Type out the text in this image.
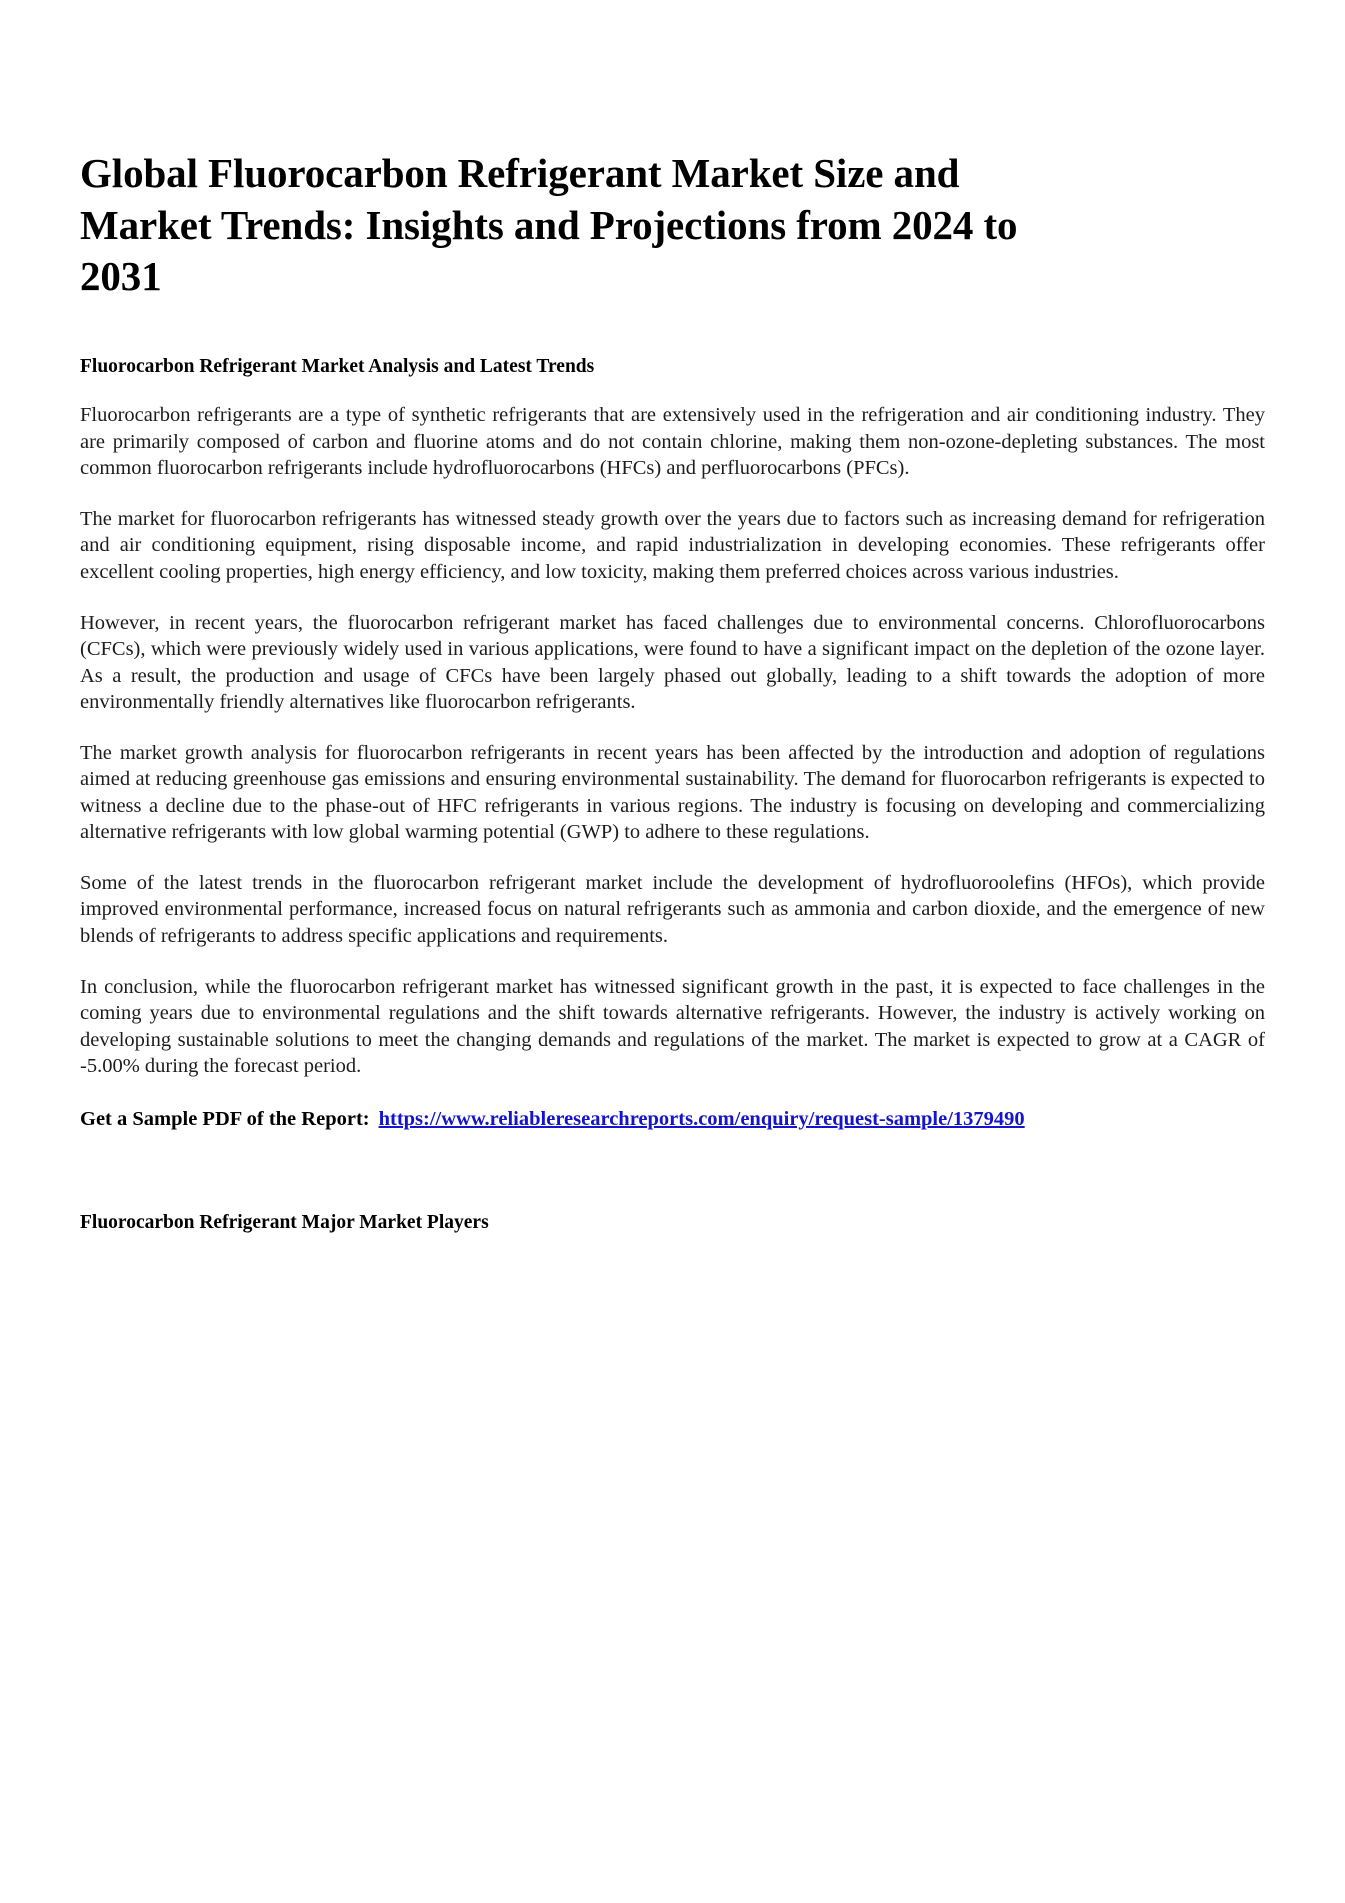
Global Fluorocarbon Refrigerant Market Size and Market Trends: Insights and Projections from 2024 to 2031
Fluorocarbon Refrigerant Market Analysis and Latest Trends

Fluorocarbon refrigerants are a type of synthetic refrigerants that are extensively used in the refrigeration and air conditioning industry. They are primarily composed of carbon and fluorine atoms and do not contain chlorine, making them non-ozone-depleting substances. The most common fluorocarbon refrigerants include hydrofluorocarbons (HFCs) and perfluorocarbons (PFCs).

The market for fluorocarbon refrigerants has witnessed steady growth over the years due to factors such as increasing demand for refrigeration and air conditioning equipment, rising disposable income, and rapid industrialization in developing economies. These refrigerants offer excellent cooling properties, high energy efficiency, and low toxicity, making them preferred choices across various industries.

However, in recent years, the fluorocarbon refrigerant market has faced challenges due to environmental concerns. Chlorofluorocarbons (CFCs), which were previously widely used in various applications, were found to have a significant impact on the depletion of the ozone layer. As a result, the production and usage of CFCs have been largely phased out globally, leading to a shift towards the adoption of more environmentally friendly alternatives like fluorocarbon refrigerants.

The market growth analysis for fluorocarbon refrigerants in recent years has been affected by the introduction and adoption of regulations aimed at reducing greenhouse gas emissions and ensuring environmental sustainability. The demand for fluorocarbon refrigerants is expected to witness a decline due to the phase-out of HFC refrigerants in various regions. The industry is focusing on developing and commercializing alternative refrigerants with low global warming potential (GWP) to adhere to these regulations.

Some of the latest trends in the fluorocarbon refrigerant market include the development of hydrofluoroolefins (HFOs), which provide improved environmental performance, increased focus on natural refrigerants such as ammonia and carbon dioxide, and the emergence of new blends of refrigerants to address specific applications and requirements.

In conclusion, while the fluorocarbon refrigerant market has witnessed significant growth in the past, it is expected to face challenges in the coming years due to environmental regulations and the shift towards alternative refrigerants. However, the industry is actively working on developing sustainable solutions to meet the changing demands and regulations of the market. The market is expected to grow at a CAGR of -5.00% during the forecast period.

Get a Sample PDF of the Report: https://www.reliableresearchreports.com/enquiry/request-sample/1379490
Fluorocarbon Refrigerant Major Market Players
